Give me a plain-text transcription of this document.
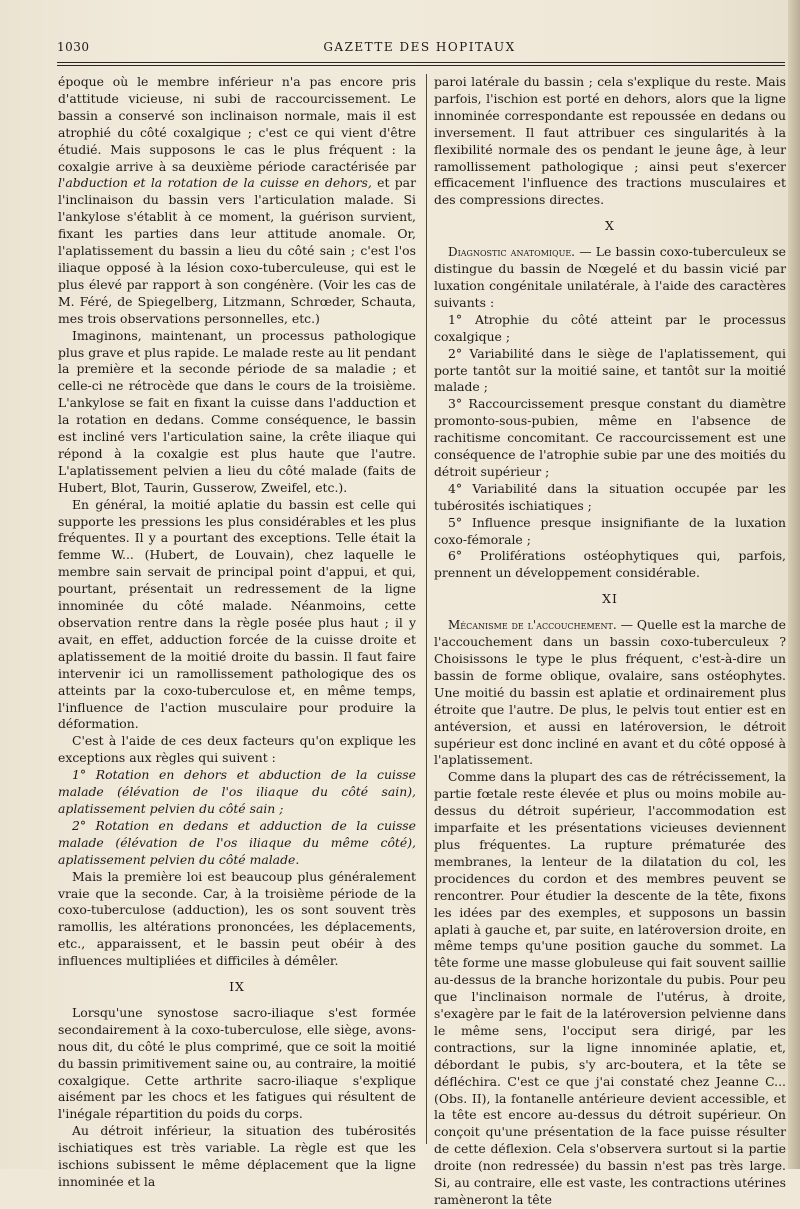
GAZETTE DES HOPITAUX
1030

époque où le membre inférieur n'a pas encore pris d'attitude vicieuse, ni subi de raccourcissement. Le bassin a conservé son inclinaison normale, mais il est atrophié du côté coxalgique ; c'est ce qui vient d'être étudié. Mais supposons le cas le plus fréquent : la coxalgie arrive à sa deuxième période caractérisée par l'abduction et la rotation de la cuisse en dehors, et par l'inclinaison du bassin vers l'articulation malade. Si l'ankylose s'établit à ce moment, la guérison survient, fixant les parties dans leur attitude anomale. Or, l'aplatissement du bassin a lieu du côté sain ; c'est l'os iliaque opposé à la lésion coxo-tuberculeuse, qui est le plus élevé par rapport à son congénère. (Voir les cas de M. Féré, de Spiegelberg, Litzmann, Schrœder, Schauta, mes trois observations personnelles, etc.)

Imaginons, maintenant, un processus pathologique plus grave et plus rapide. Le malade reste au lit pendant la première et la seconde période de sa maladie ; et celle-ci ne rétrocède que dans le cours de la troisième. L'ankylose se fait en fixant la cuisse dans l'adduction et la rotation en dedans. Comme conséquence, le bassin est incliné vers l'articulation saine, la crête iliaque qui répond à la coxalgie est plus haute que l'autre. L'aplatissement pelvien a lieu du côté malade (faits de Hubert, Blot, Taurin, Gusserow, Zweifel, etc.).

En général, la moitié aplatie du bassin est celle qui supporte les pressions les plus considérables et les plus fréquentes. Il y a pourtant des exceptions. Telle était la femme W... (Hubert, de Louvain), chez laquelle le membre sain servait de principal point d'appui, et qui, pourtant, présentait un redressement de la ligne innominée du côté malade. Néanmoins, cette observation rentre dans la règle posée plus haut ; il y avait, en effet, adduction forcée de la cuisse droite et aplatissement de la moitié droite du bassin. Il faut faire intervenir ici un ramollissement pathologique des os atteints par la coxo-tuberculose et, en même temps, l'influence de l'action musculaire pour produire la déformation.

C'est à l'aide de ces deux facteurs qu'on explique les exceptions aux règles qui suivent :

1° Rotation en dehors et abduction de la cuisse malade (élévation de l'os iliaque du côté sain), aplatissement pelvien du côté sain ;

2° Rotation en dedans et adduction de la cuisse malade (élévation de l'os iliaque du même côté), aplatissement pelvien du côté malade.

Mais la première loi est beaucoup plus généralement vraie que la seconde. Car, à la troisième période de la coxo-tuberculose (adduction), les os sont souvent très ramollis, les altérations prononcées, les déplacements, etc., apparaissent, et le bassin peut obéir à des influences multipliées et difficiles à démêler.

IX

Lorsqu'une synostose sacro-iliaque s'est formée secondairement à la coxo-tuberculose, elle siège, avons-nous dit, du côté le plus comprimé, que ce soit la moitié du bassin primitivement saine ou, au contraire, la moitié coxalgique. Cette arthrite sacro-iliaque s'explique aisément par les chocs et les fatigues qui résultent de l'inégale répartition du poids du corps.

Au détroit inférieur, la situation des tubérosités ischiatiques est très variable. La règle est que les ischions subissent le même déplacement que la ligne innominée et la

paroi latérale du bassin ; cela s'explique du reste. Mais parfois, l'ischion est porté en dehors, alors que la ligne innominée correspondante est repoussée en dedans ou inversement. Il faut attribuer ces singularités à la flexibilité normale des os pendant le jeune âge, à leur ramollissement pathologique ; ainsi peut s'exercer efficacement l'influence des tractions musculaires et des compressions directes.

X

Diagnostic anatomique. — Le bassin coxo-tuberculeux se distingue du bassin de Nœgelé et du bassin vicié par luxation congénitale unilatérale, à l'aide des caractères suivants :

1° Atrophie du côté atteint par le processus coxalgique ;

2° Variabilité dans le siège de l'aplatissement, qui porte tantôt sur la moitié saine, et tantôt sur la moitié malade ;

3° Raccourcissement presque constant du diamètre promonto-sous-pubien, même en l'absence de rachitisme concomitant. Ce raccourcissement est une conséquence de l'atrophie subie par une des moitiés du détroit supérieur ;

4° Variabilité dans la situation occupée par les tubérosités ischiatiques ;

5° Influence presque insignifiante de la luxation coxo-fémorale ;

6° Proliférations ostéophytiques qui, parfois, prennent un développement considérable.

XI

Mécanisme de l'accouchement. — Quelle est la marche de l'accouchement dans un bassin coxo-tuberculeux ? Choisissons le type le plus fréquent, c'est-à-dire un bassin de forme oblique, ovalaire, sans ostéophytes. Une moitié du bassin est aplatie et ordinairement plus étroite que l'autre. De plus, le pelvis tout entier est en antéversion, et aussi en latéroversion, le détroit supérieur est donc incliné en avant et du côté opposé à l'aplatissement.

Comme dans la plupart des cas de rétrécissement, la partie fœtale reste élevée et plus ou moins mobile au-dessus du détroit supérieur, l'accommodation est imparfaite et les présentations vicieuses deviennent plus fréquentes. La rupture prématurée des membranes, la lenteur de la dilatation du col, les procidences du cordon et des membres peuvent se rencontrer. Pour étudier la descente de la tête, fixons les idées par des exemples, et supposons un bassin aplati à gauche et, par suite, en latéroversion droite, en même temps qu'une position gauche du sommet. La tête forme une masse globuleuse qui fait souvent saillie au-dessus de la branche horizontale du pubis. Pour peu que l'inclinaison normale de l'utérus, à droite, s'exagère par le fait de la latéroversion pelvienne dans le même sens, l'occiput sera dirigé, par les contractions, sur la ligne innominée aplatie, et, débordant le pubis, s'y arc-boutera, et la tête se défléchira. C'est ce que j'ai constaté chez Jeanne C... (Obs. II), la fontanelle antérieure devient accessible, et la tête est encore au-dessus du détroit supérieur. On conçoit qu'une présentation de la face puisse résulter de cette déflexion. Cela s'observera surtout si la partie droite (non redressée) du bassin n'est pas très large. Si, au contraire, elle est vaste, les contractions utérines ramèneront la tête
